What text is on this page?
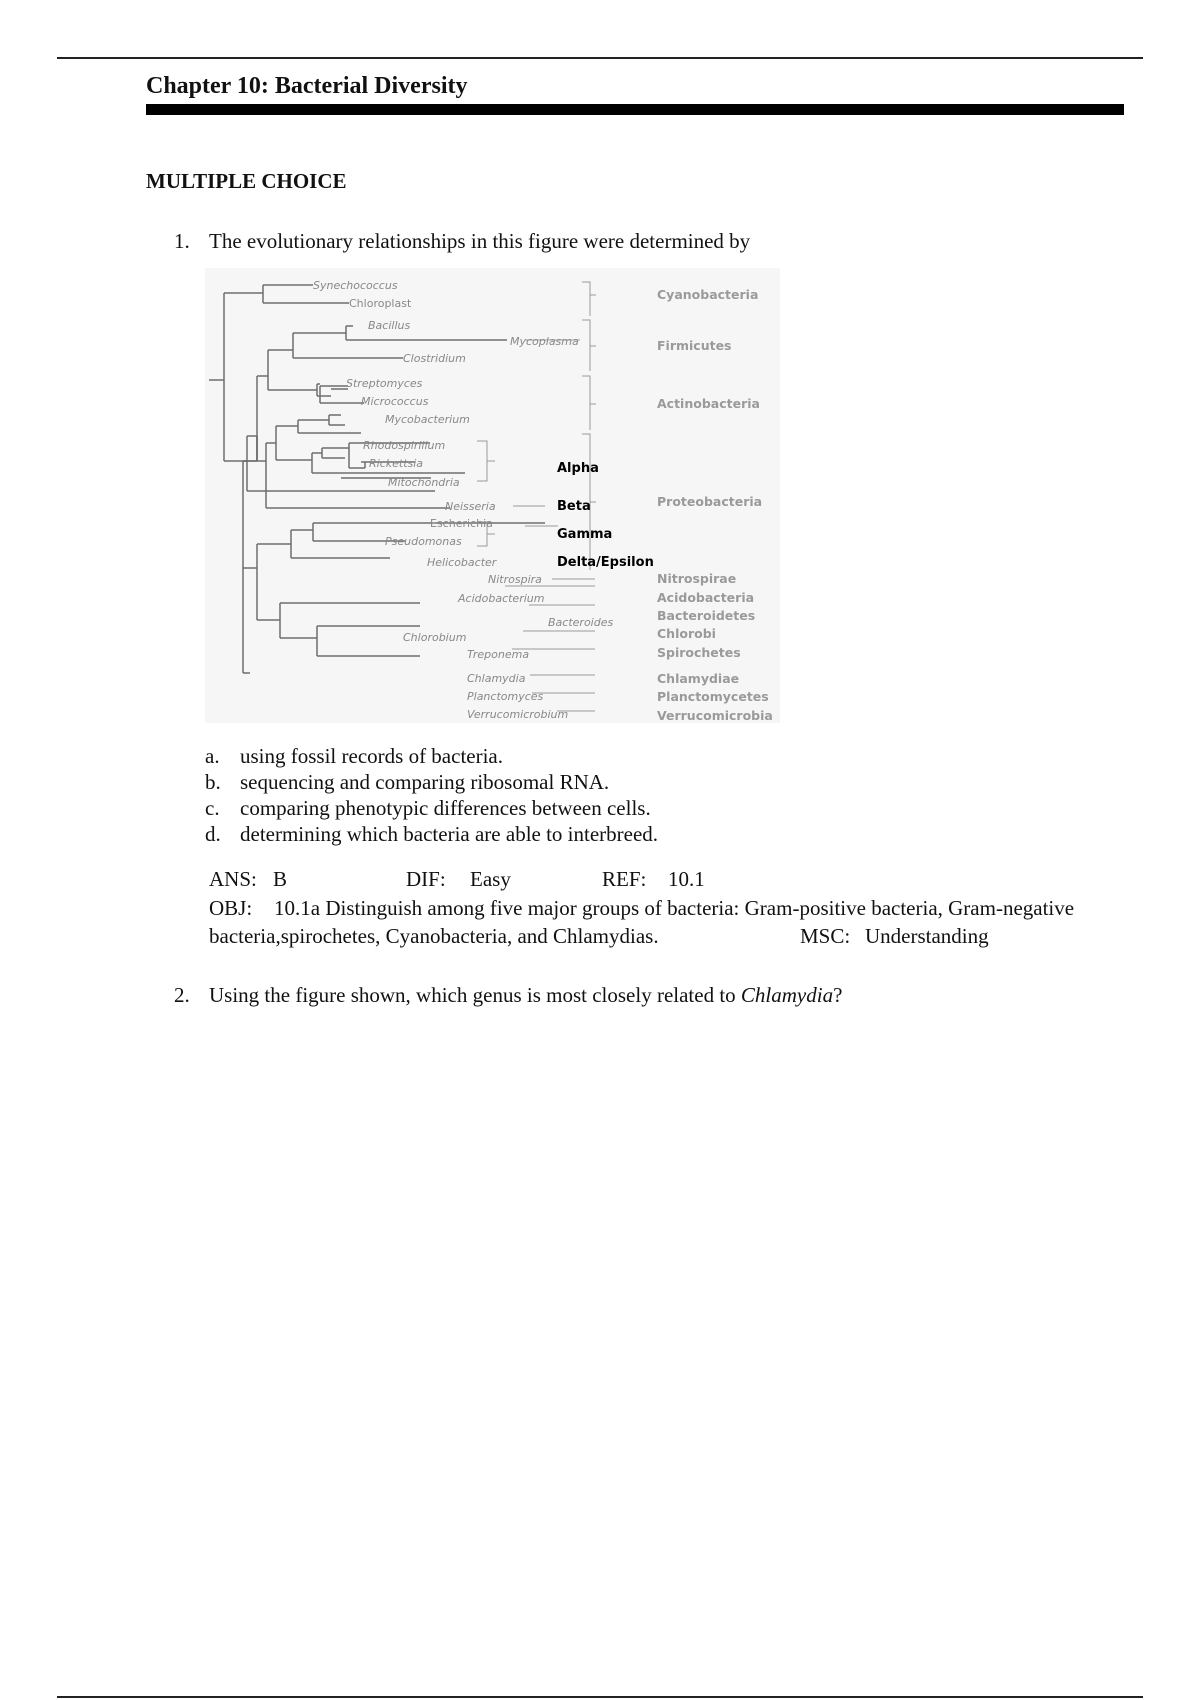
Chapter 10: Bacterial Diversity
MULTIPLE CHOICE
1. The evolutionary relationships in this figure were determined by
Synechococcus
Chloroplast
Bacillus
Mycoplasma
Clostridium
Streptomyces
Micrococcus
Mycobacterium
Rhodospirillum
Rickettsia
Mitochondria
Neisseria
Escherichia
Pseudomonas
Helicobacter
Nitrospira
Acidobacterium
Bacteroides
Chlorobium
Treponema
Chlamydia
Planctomyces
Verrucomicrobium
Alpha
Beta
Gamma
Delta/Epsilon
Cyanobacteria
Firmicutes
Actinobacteria
Proteobacteria
Nitrospirae
Acidobacteria
Bacteroidetes
Chlorobi
Spirochetes
Chlamydiae
Planctomycetes
Verrucomicrobia
a. using fossil records of bacteria.
b. sequencing and comparing ribosomal RNA.
c. comparing phenotypic differences between cells.
d. determining which bacteria are able to interbreed.
ANS: B	DIF: Easy	REF: 10.1
OBJ: 10.1a Distinguish among five major groups of bacteria: Gram-positive bacteria, Gram-negative
bacteria,spirochetes, Cyanobacteria, and Chlamydias.	MSC: Understanding
2. Using the figure shown, which genus is most closely related to Chlamydia?
